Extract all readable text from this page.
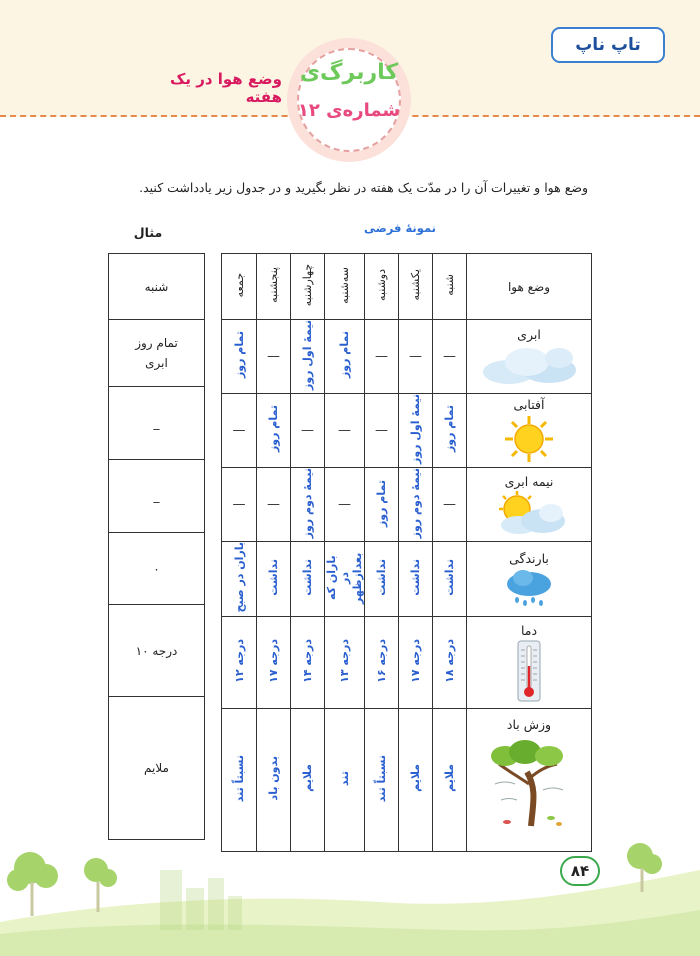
تاپ ناپ
کاربرگ‌ی
شماره‌ی ۱۲
وضع هوا در یک هفته
وضع هوا و تغییرات آن را در مدّت یک هفته در نظر بگیرید و در جدول زیر یادداشت کنید.
نمونهٔ فرضی
مثال
شنبه

تمام روز ابری

_
_
۰
۱۰ درجه
ملایم
جمعه	پنجشنبه	چهارشنبه	سه‌شنبه	دوشنبه	یکشنبه	شنبه	وضع هوا
تمام روز	—	نیمهٔ اول روز	نمام روز	—	—	—	ابری

—	تمام روز	—	—	—	نیمهٔ اول روز	تمام روز	آفتابی

—	—	نیمهٔ دوم روز	—	تمام روز	نیمهٔ دوم روز	—	نیمه ابری

باران در صبح	نداشت	نداشت	باران که در بعدازظهر	نداشت	نداشت	نداشت	بارندگی

۱۲ درجه	۱۷ درجه	۱۴ درجه	۱۳ درجه	۱۶ درجه	۱۷ درجه	۱۸ درجه	دما

نسبتاً تند	بدون باد	ملایم	تند	نسبتاً تند	ملایم	ملایم	وزش باد
۸۴
